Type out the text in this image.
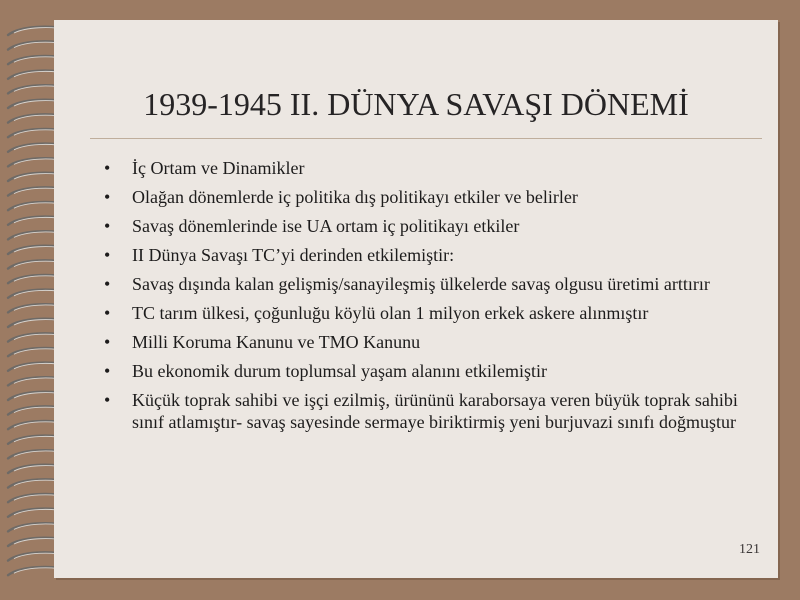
1939-1945 II. DÜNYA SAVAŞI DÖNEMİ
• İç Ortam ve Dinamikler
• Olağan dönemlerde iç politika dış politikayı etkiler ve belirler
• Savaş dönemlerinde ise UA ortam iç politikayı etkiler
• II Dünya Savaşı TC’yi derinden etkilemiştir:
• Savaş dışında kalan gelişmiş/sanayileşmiş ülkelerde savaş olgusu üretimi arttırır
• TC tarım ülkesi, çoğunluğu köylü olan 1 milyon erkek askere alınmıştır
• Milli Koruma Kanunu ve TMO Kanunu
• Bu ekonomik durum toplumsal yaşam alanını etkilemiştir
• Küçük toprak sahibi ve işçi ezilmiş, ürününü karaborsaya veren büyük toprak sahibi sınıf atlamıştır- savaş sayesinde sermaye biriktirmiş yeni burjuvazi sınıfı doğmuştur
121
